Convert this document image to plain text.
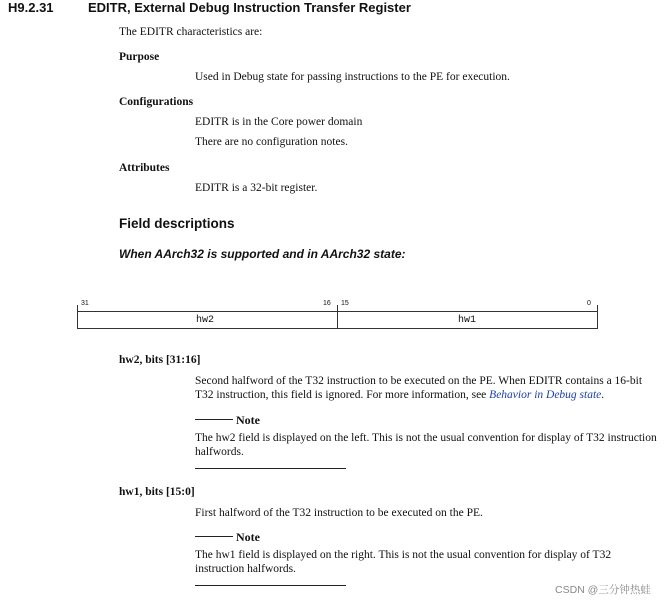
H9.2.31	EDITR, External Debug Instruction Transfer Register
The EDITR characteristics are:
Purpose
Used in Debug state for passing instructions to the PE for execution.
Configurations
EDITR is in the Core power domain
There are no configuration notes.
Attributes
EDITR is a 32-bit register.
Field descriptions
When AArch32 is supported and in AArch32 state:
31	16 15	0
hw2	hw1
hw2, bits [31:16]
Second halfword of the T32 instruction to be executed on the PE. When EDITR contains a 16-bit
T32 instruction, this field is ignored. For more information, see Behavior in Debug state.
Note
The hw2 field is displayed on the left. This is not the usual convention for display of T32 instruction
halfwords.
hw1, bits [15:0]
First halfword of the T32 instruction to be executed on the PE.
Note
The hw1 field is displayed on the right. This is not the usual convention for display of T32
instruction halfwords.
CSDN @三分钟热蛙
